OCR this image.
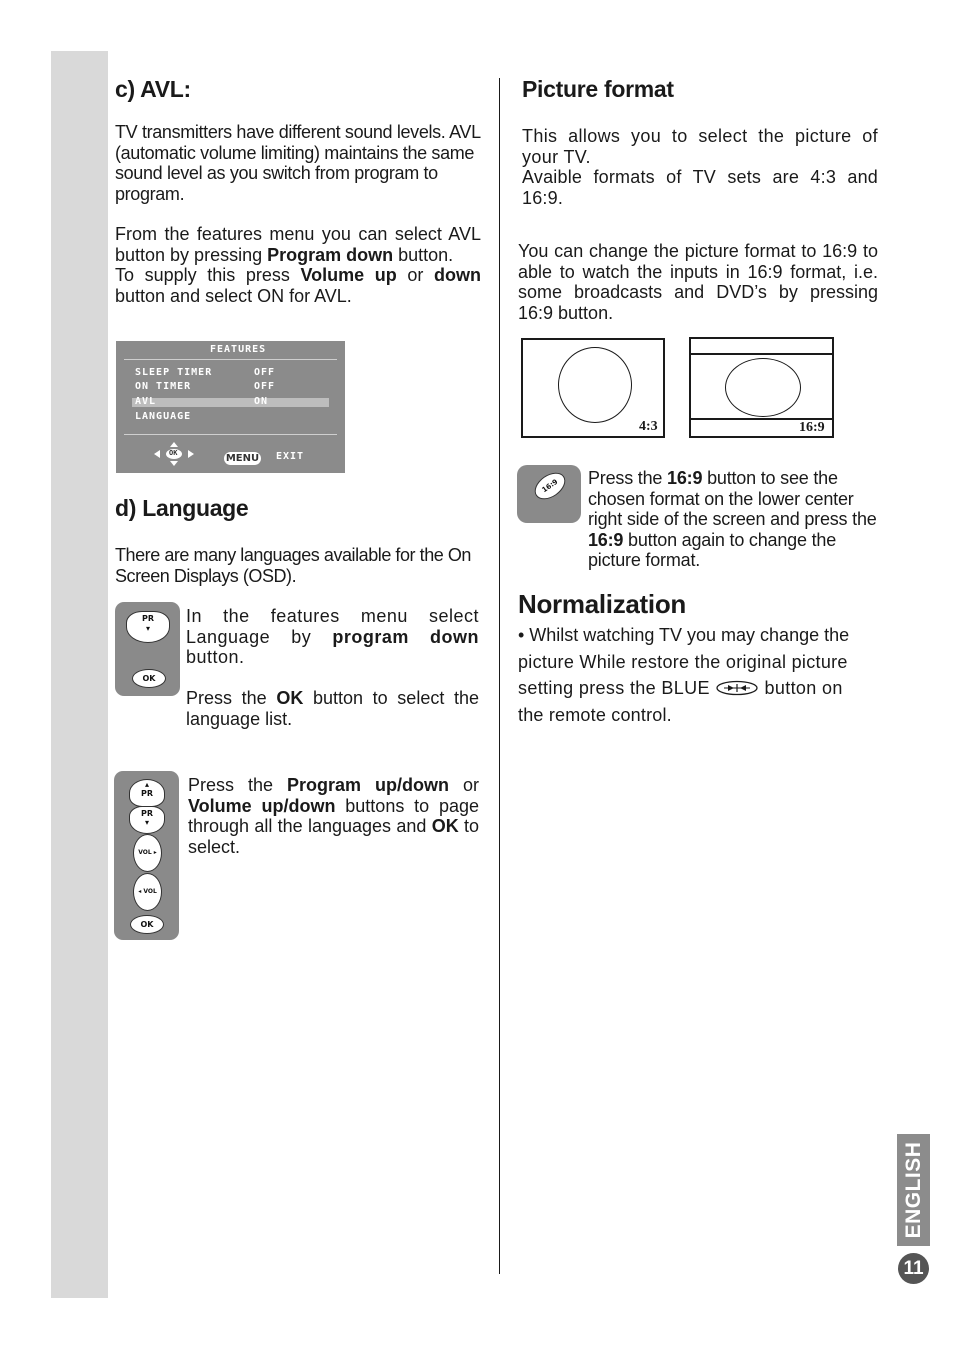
c) AVL:
TV transmitters have different sound levels. AVL (automatic volume limiting) maintains the same sound level as you switch from program to program.
From the features menu you can select AVL button by pressing Program down button.
To supply this press Volume up or down button and select ON for AVL.
FEATURES
SLEEP TIMER	OFF
ON TIMER	OFF
AVL	ON
LANGUAGE
OK	MENU EXIT
d) Language
There are many languages available for the On Screen Displays (OSD).
PR
▾
OK
In the features menu select Language by program down button.
Press the OK button to select the language list.
▴
PR
PR
▾
VOL ▸
◂ VOL
OK
Press the Program up/down or Volume up/down buttons to page through all the languages and OK to select.
Picture format
This allows you to select the picture of your TV.
Avaible formats of TV sets are 4:3 and 16:9.
You can change the picture format to 16:9 to able to watch the inputs in 16:9 format, i.e. some broadcasts and DVD’s by pressing 16:9 button.
4:3	16:9
16:9	Press the 16:9 button to see the chosen format on the lower center right side of the screen and press the 16:9 button again to change the picture format.
Normalization
• Whilst watching TV you may change the
picture While restore the original picture
setting press the BLUE  button on
the remote control.
ENGLISH
11
